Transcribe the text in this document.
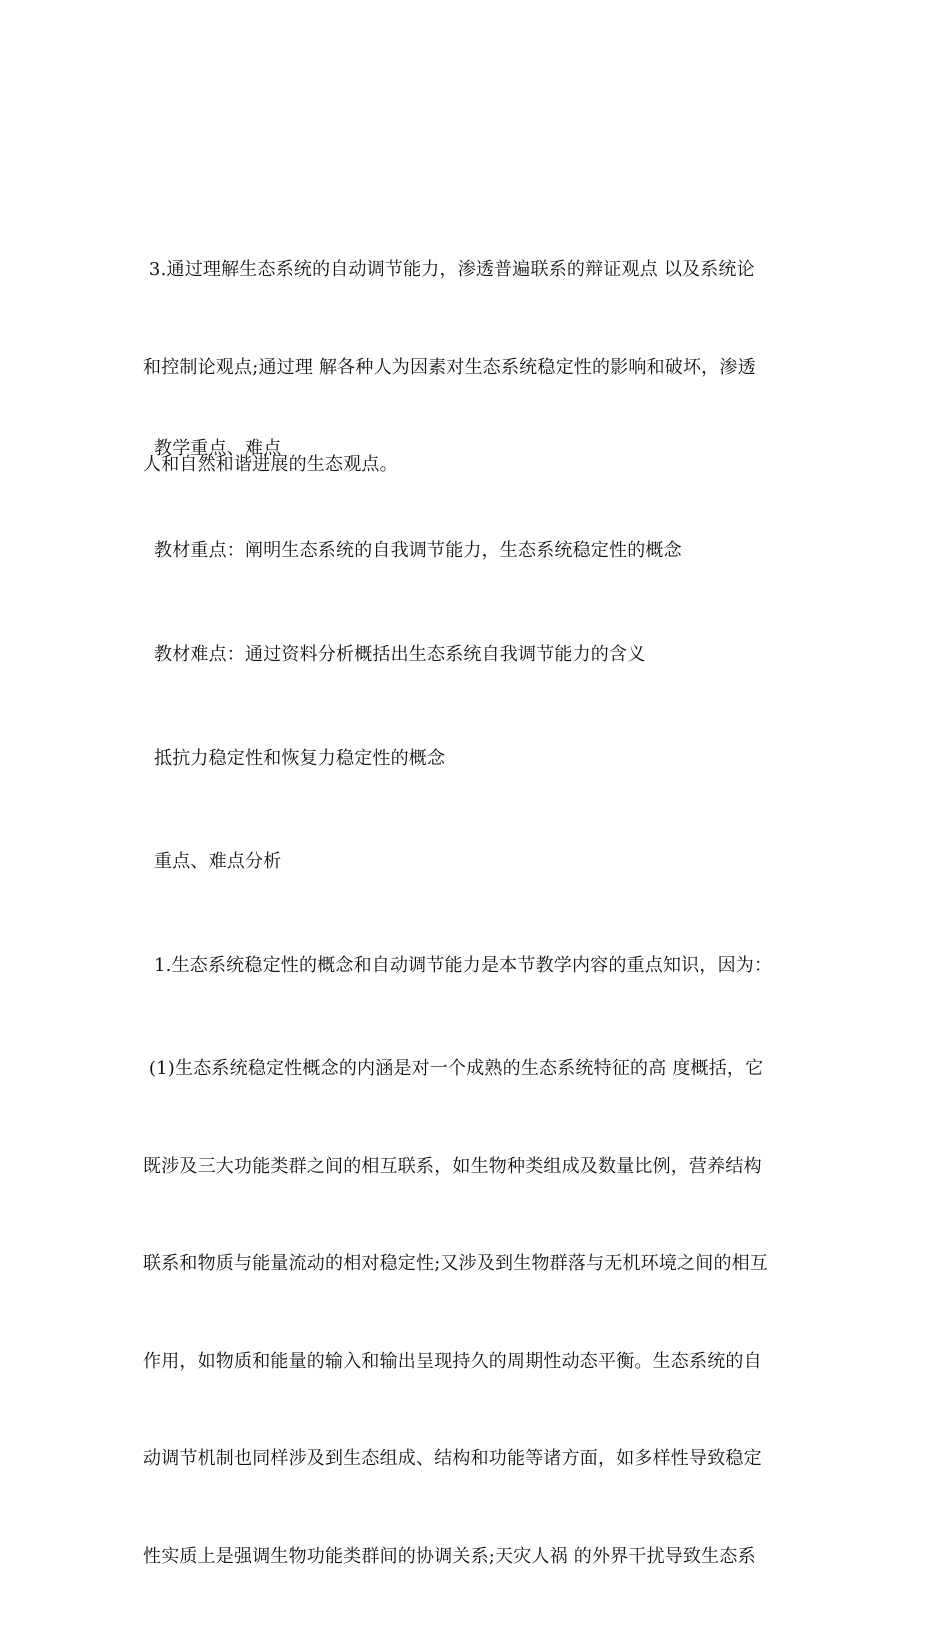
3.通过理解生态系统的自动调节能力，渗透普遍联系的辩证观点 以及系统论

和控制论观点;通过理 解各种人为因素对生态系统稳定性的影响和破坏，渗透

人和自然和谐进展的生态观点。

教学重点、难点

教材重点：阐明生态系统的自我调节能力，生态系统稳定性的概念

教材难点：通过资料分析概括出生态系统自我调节能力的含义

抵抗力稳定性和恢复力稳定性的概念

重点、难点分析

1.生态系统稳定性的概念和自动调节能力是本节教学内容的重点知识，因为：

(1)生态系统稳定性概念的内涵是对一个成熟的生态系统特征的高 度概括，它

既涉及三大功能类群之间的相互联系，如生物种类组成及数量比例，营养结构

联系和物质与能量流动的相对稳定性;又涉及到生物群落与无机环境之间的相互

作用，如物质和能量的输入和输出呈现持久的周期性动态平衡。生态系统的自

动调节机制也同样涉及到生态组成、结构和功能等诸方面，如多样性导致稳定

性实质上是强调生物功能类群间的协调关系;天灾人祸 的外界干扰导致生态系
